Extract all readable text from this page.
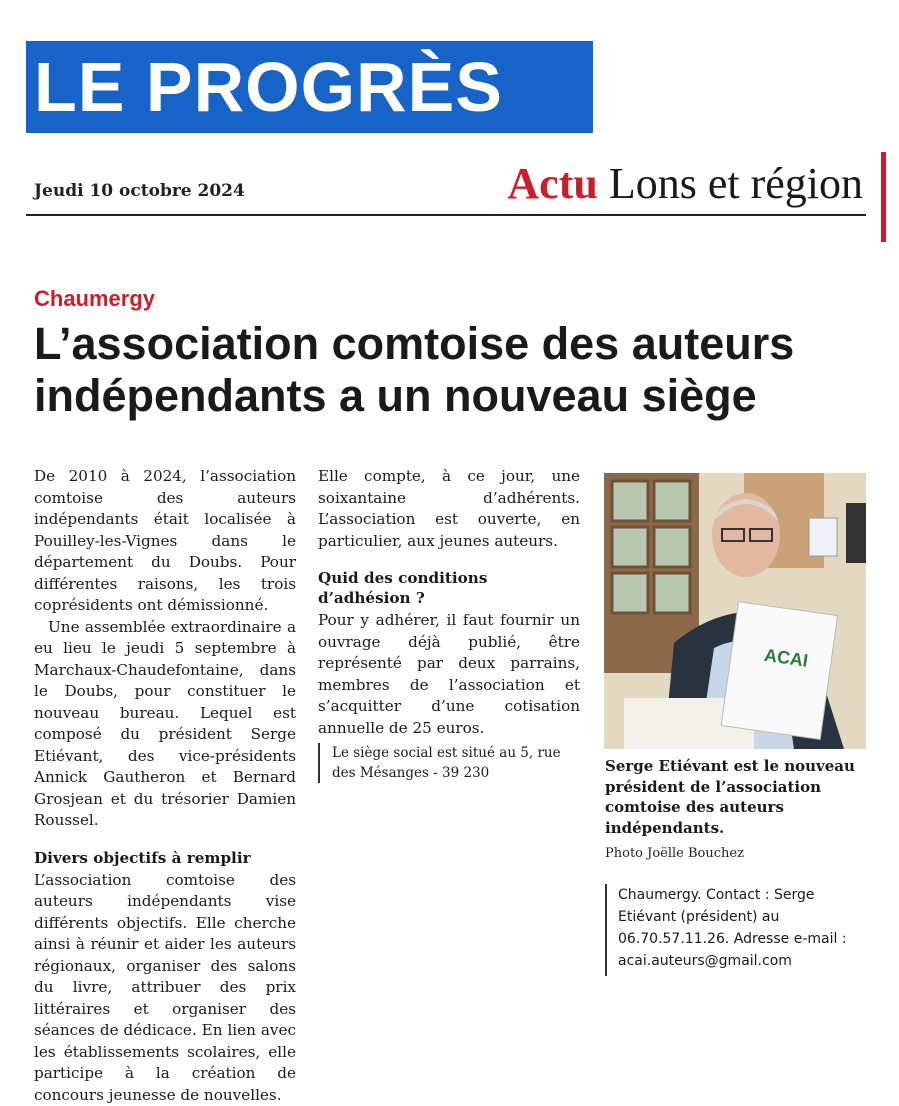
LE PROGRÈS
Jeudi 10 octobre 2024	Actu Lons et région
Chaumergy
L’association comtoise des auteurs
indépendants a un nouveau siège

De 2010 à 2024, l’association comtoise des auteurs indépendants était localisée à Pouilley-les-Vignes dans le département du Doubs. Pour différentes raisons, les trois coprésidents ont démissionné.

Une assemblée extraordinaire a eu lieu le jeudi 5 septembre à Marchaux-Chaudefontaine, dans le Doubs, pour constituer le nouveau bureau. Lequel est composé du président Serge Etiévant, des vice-présidents Annick Gautheron et Bernard Grosjean et du trésorier Damien Roussel.

Divers objectifs à remplir

L’association comtoise des auteurs indépendants vise différents objectifs. Elle cherche ainsi à réunir et aider les auteurs régionaux, organiser des salons du livre, attribuer des prix littéraires et organiser des séances de dédicace. En lien avec les établissements scolaires, elle participe à la création de concours jeunesse de nouvelles.

Elle compte, à ce jour, une soixantaine d’adhérents. L’association est ouverte, en particulier, aux jeunes auteurs.

Quid des conditions d’adhésion ?

Pour y adhérer, il faut fournir un ouvrage déjà publié, être représenté par deux parrains, membres de l’association et s’acquitter d’une cotisation annuelle de 25 euros.

Le siège social est situé au 5, rue des Mésanges - 39 230
ACAI
Serge Etiévant est le nouveau président de l’association comtoise des auteurs indépendants.
Photo Joëlle Bouchez
Chaumergy. Contact : Serge Etiévant (président) au 06.70.57.11.26. Adresse e-mail : acai.auteurs@gmail.com
